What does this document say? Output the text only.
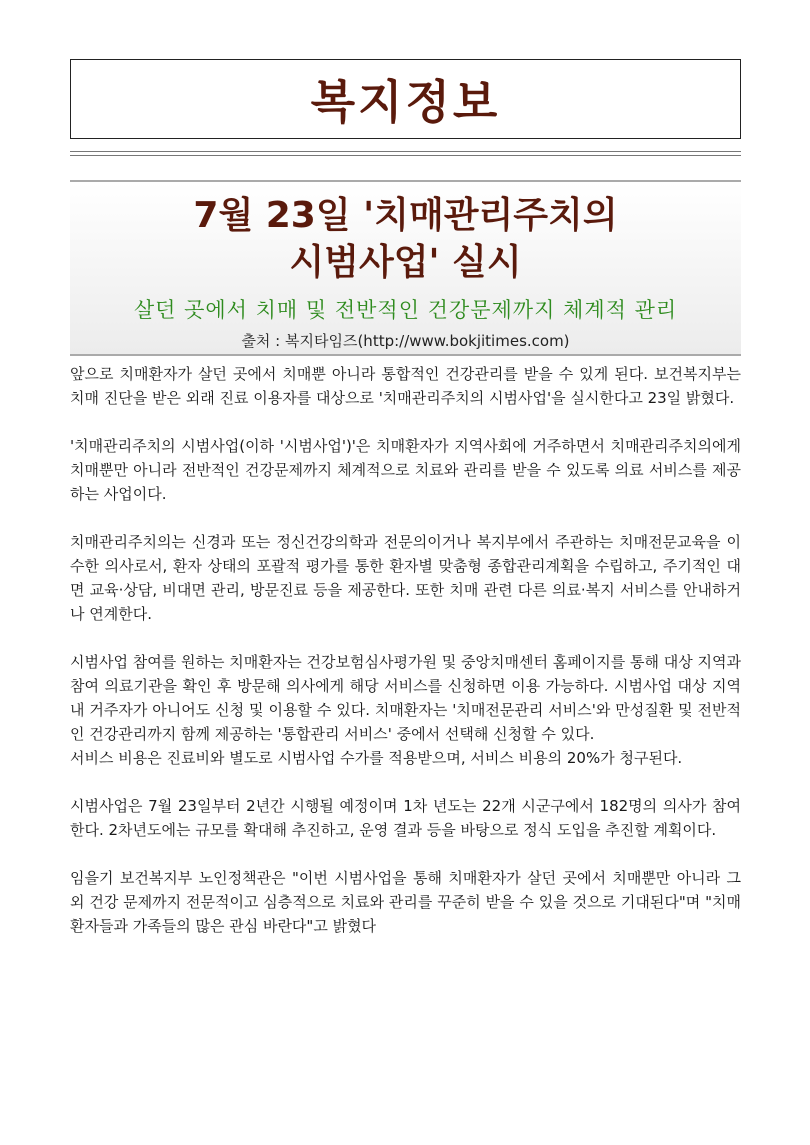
복지정보
7월 23일 '치매관리주치의
시범사업' 실시
살던 곳에서 치매 및 전반적인 건강문제까지 체계적 관리
출처 : 복지타임즈(http://www.bokjitimes.com)

앞으로 치매환자가 살던 곳에서 치매뿐 아니라 통합적인 건강관리를 받을 수 있게 된다. 보건복지부는 치매 진단을 받은 외래 진료 이용자를 대상으로 '치매관리주치의 시범사업'을 실시한다고 23일 밝혔다.

'치매관리주치의 시범사업(이하 '시범사업')'은 치매환자가 지역사회에 거주하면서 치매관리주치의에게 치매뿐만 아니라 전반적인 건강문제까지 체계적으로 치료와 관리를 받을 수 있도록 의료 서비스를 제공하는 사업이다.

치매관리주치의는 신경과 또는 정신건강의학과 전문의이거나 복지부에서 주관하는 치매전문교육을 이수한 의사로서, 환자 상태의 포괄적 평가를 통한 환자별 맞춤형 종합관리계획을 수립하고, 주기적인 대면 교육·상담, 비대면 관리, 방문진료 등을 제공한다. 또한 치매 관련 다른 의료·복지 서비스를 안내하거나 연계한다.

시범사업 참여를 원하는 치매환자는 건강보험심사평가원 및 중앙치매센터 홈페이지를 통해 대상 지역과 참여 의료기관을 확인 후 방문해 의사에게 해당 서비스를 신청하면 이용 가능하다. 시범사업 대상 지역 내 거주자가 아니어도 신청 및 이용할 수 있다. 치매환자는 '치매전문관리 서비스'와 만성질환 및 전반적인 건강관리까지 함께 제공하는 '통합관리 서비스' 중에서 선택해 신청할 수 있다.

서비스 비용은 진료비와 별도로 시범사업 수가를 적용받으며, 서비스 비용의 20%가 청구된다.

시범사업은 7월 23일부터 2년간 시행될 예정이며 1차 년도는 22개 시군구에서 182명의 의사가 참여한다. 2차년도에는 규모를 확대해 추진하고, 운영 결과 등을 바탕으로 정식 도입을 추진할 계획이다.

임을기 보건복지부 노인정책관은 "이번 시범사업을 통해 치매환자가 살던 곳에서 치매뿐만 아니라 그 외 건강 문제까지 전문적이고 심층적으로 치료와 관리를 꾸준히 받을 수 있을 것으로 기대된다"며 "치매환자들과 가족들의 많은 관심 바란다"고 밝혔다
